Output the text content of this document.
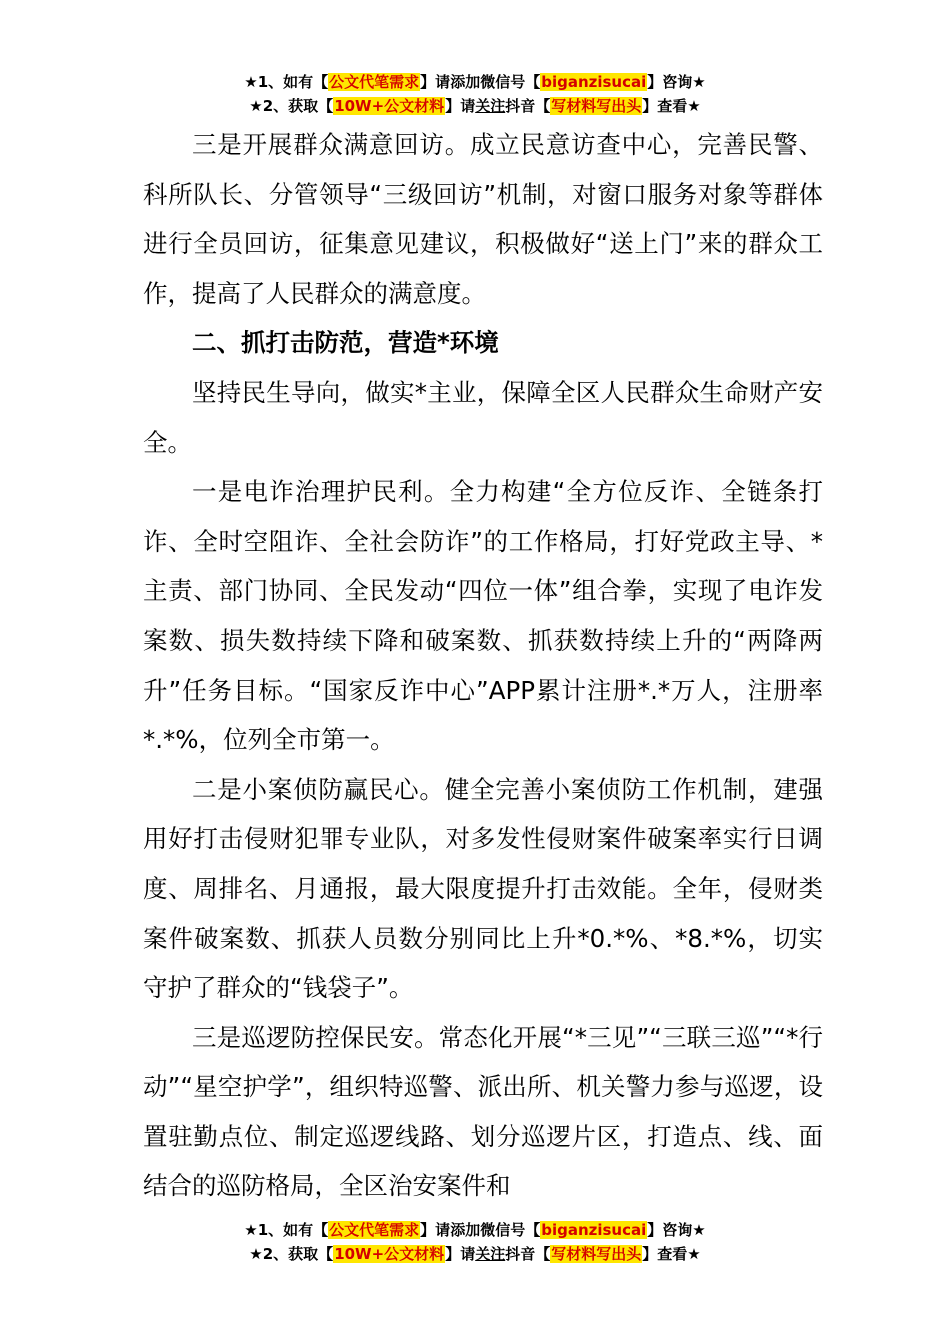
★1、如有【公文代笔需求】请添加微信号【biganzisucai】咨询★
★2、获取【10W+公文材料】请关注抖音【写材料写出头】查看★

三是开展群众满意回访。成立民意访查中心，完善民警、科所队长、分管领导“三级回访”机制，对窗口服务对象等群体进行全员回访，征集意见建议，积极做好“送上门”来的群众工作，提高了人民群众的满意度。

二、抓打击防范，营造*环境

坚持民生导向，做实*主业，保障全区人民群众生命财产安全。

一是电诈治理护民利。全力构建“全方位反诈、全链条打诈、全时空阻诈、全社会防诈”的工作格局，打好党政主导、*主责、部门协同、全民发动“四位一体”组合拳，实现了电诈发案数、损失数持续下降和破案数、抓获数持续上升的“两降两升”任务目标。“国家反诈中心”APP累计注册*.*万人，注册率*.*%，位列全市第一。

二是小案侦防赢民心。健全完善小案侦防工作机制，建强用好打击侵财犯罪专业队，对多发性侵财案件破案率实行日调度、周排名、月通报，最大限度提升打击效能。全年，侵财类案件破案数、抓获人员数分别同比上升*0.*%、*8.*%，切实守护了群众的“钱袋子”。

三是巡逻防控保民安。常态化开展“*三见”“三联三巡”“*行动”“星空护学”，组织特巡警、派出所、机关警力参与巡逻，设置驻勤点位、制定巡逻线路、划分巡逻片区，打造点、线、面结合的巡防格局，全区治安案件和

★1、如有【公文代笔需求】请添加微信号【biganzisucai】咨询★
★2、获取【10W+公文材料】请关注抖音【写材料写出头】查看★
